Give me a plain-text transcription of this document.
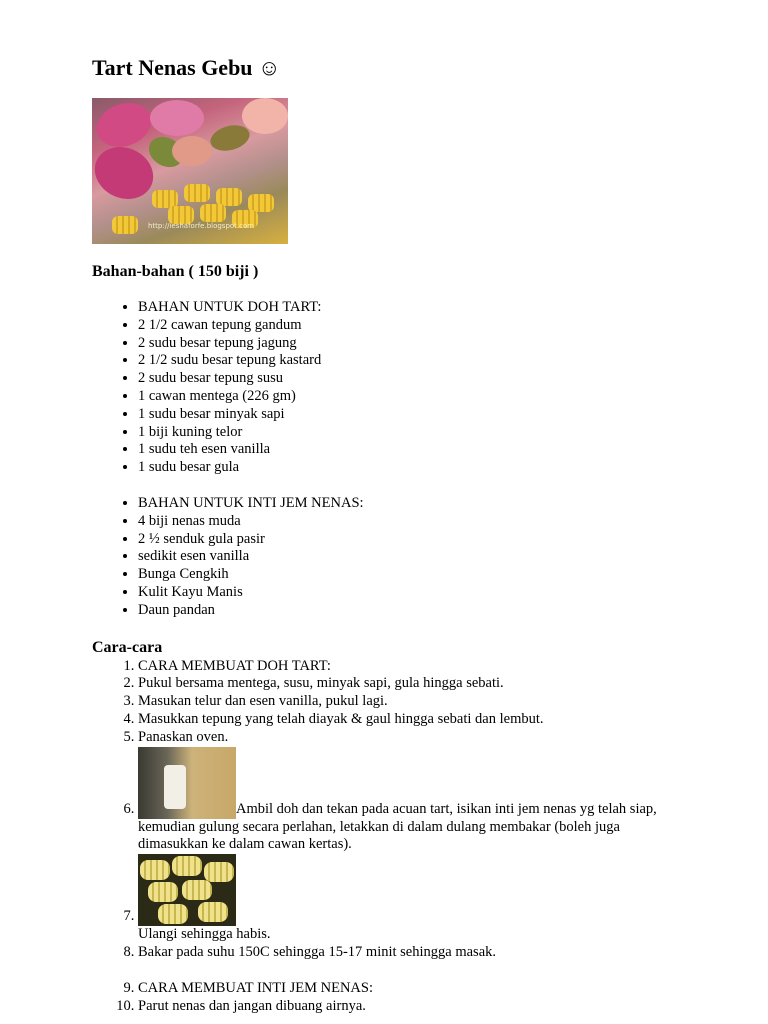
Tart Nenas Gebu ☺
http://ieshaforfe.blogspot.com
Bahan-bahan ( 150 biji )
• BAHAN UNTUK DOH TART:
• 2 1/2 cawan tepung gandum
• 2 sudu besar tepung jagung
• 2 1/2 sudu besar tepung kastard
• 2 sudu besar tepung susu
• 1 cawan mentega (226 gm)
• 1 sudu besar minyak sapi
• 1 biji kuning telor
• 1 sudu teh esen vanilla
• 1 sudu besar gula
• BAHAN UNTUK INTI JEM NENAS:
• 4 biji nenas muda
• 2 ½ senduk gula pasir
• sedikit esen vanilla
• Bunga Cengkih
• Kulit Kayu Manis
• Daun pandan
Cara-cara
1. CARA MEMBUAT DOH TART:
2. Pukul bersama mentega, susu, minyak sapi, gula hingga sebati.
3. Masukan telur dan esen vanilla, pukul lagi.
4. Masukkan tepung yang telah diayak & gaul hingga sebati dan lembut.
5. Panaskan oven.
6. Ambil doh dan tekan pada acuan tart, isikan inti jem nenas yg telah siap, kemudian gulung secara perlahan, letakkan di dalam dulang membakar (boleh juga dimasukkan ke dalam cawan kertas).

7. Ulangi sehingga habis.
8. Bakar pada suhu 150C sehingga 15-17 minit sehingga masak.
9. CARA MEMBUAT INTI JEM NENAS:
10. Parut nenas dan jangan dibuang airnya.
